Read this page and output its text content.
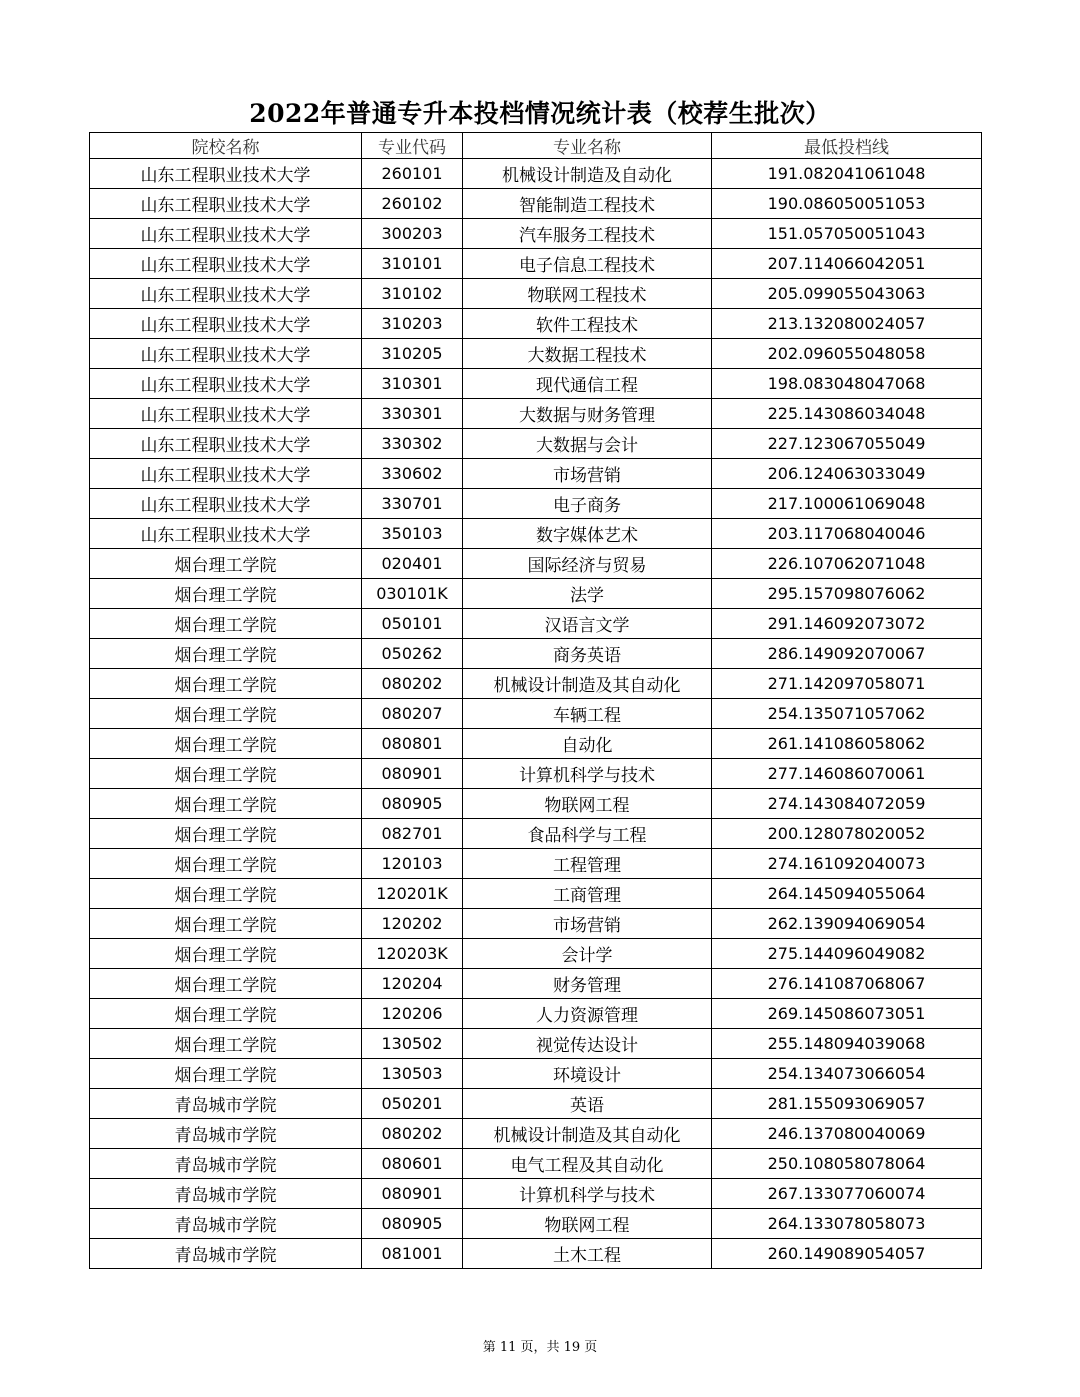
2022年普通专升本投档情况统计表（校荐生批次）
院校名称	专业代码	专业名称	最低投档线
山东工程职业技术大学	260101	机械设计制造及自动化	191.082041061048
山东工程职业技术大学	260102	智能制造工程技术	190.086050051053
山东工程职业技术大学	300203	汽车服务工程技术	151.057050051043
山东工程职业技术大学	310101	电子信息工程技术	207.114066042051
山东工程职业技术大学	310102	物联网工程技术	205.099055043063
山东工程职业技术大学	310203	软件工程技术	213.132080024057
山东工程职业技术大学	310205	大数据工程技术	202.096055048058
山东工程职业技术大学	310301	现代通信工程	198.083048047068
山东工程职业技术大学	330301	大数据与财务管理	225.143086034048
山东工程职业技术大学	330302	大数据与会计	227.123067055049
山东工程职业技术大学	330602	市场营销	206.124063033049
山东工程职业技术大学	330701	电子商务	217.100061069048
山东工程职业技术大学	350103	数字媒体艺术	203.117068040046
烟台理工学院	020401	国际经济与贸易	226.107062071048
烟台理工学院	030101K	法学	295.157098076062
烟台理工学院	050101	汉语言文学	291.146092073072
烟台理工学院	050262	商务英语	286.149092070067
烟台理工学院	080202	机械设计制造及其自动化	271.142097058071
烟台理工学院	080207	车辆工程	254.135071057062
烟台理工学院	080801	自动化	261.141086058062
烟台理工学院	080901	计算机科学与技术	277.146086070061
烟台理工学院	080905	物联网工程	274.143084072059
烟台理工学院	082701	食品科学与工程	200.128078020052
烟台理工学院	120103	工程管理	274.161092040073
烟台理工学院	120201K	工商管理	264.145094055064
烟台理工学院	120202	市场营销	262.139094069054
烟台理工学院	120203K	会计学	275.144096049082
烟台理工学院	120204	财务管理	276.141087068067
烟台理工学院	120206	人力资源管理	269.145086073051
烟台理工学院	130502	视觉传达设计	255.148094039068
烟台理工学院	130503	环境设计	254.134073066054
青岛城市学院	050201	英语	281.155093069057
青岛城市学院	080202	机械设计制造及其自动化	246.137080040069
青岛城市学院	080601	电气工程及其自动化	250.108058078064
青岛城市学院	080901	计算机科学与技术	267.133077060074
青岛城市学院	080905	物联网工程	264.133078058073
青岛城市学院	081001	土木工程	260.149089054057
第 11 页，共 19 页
